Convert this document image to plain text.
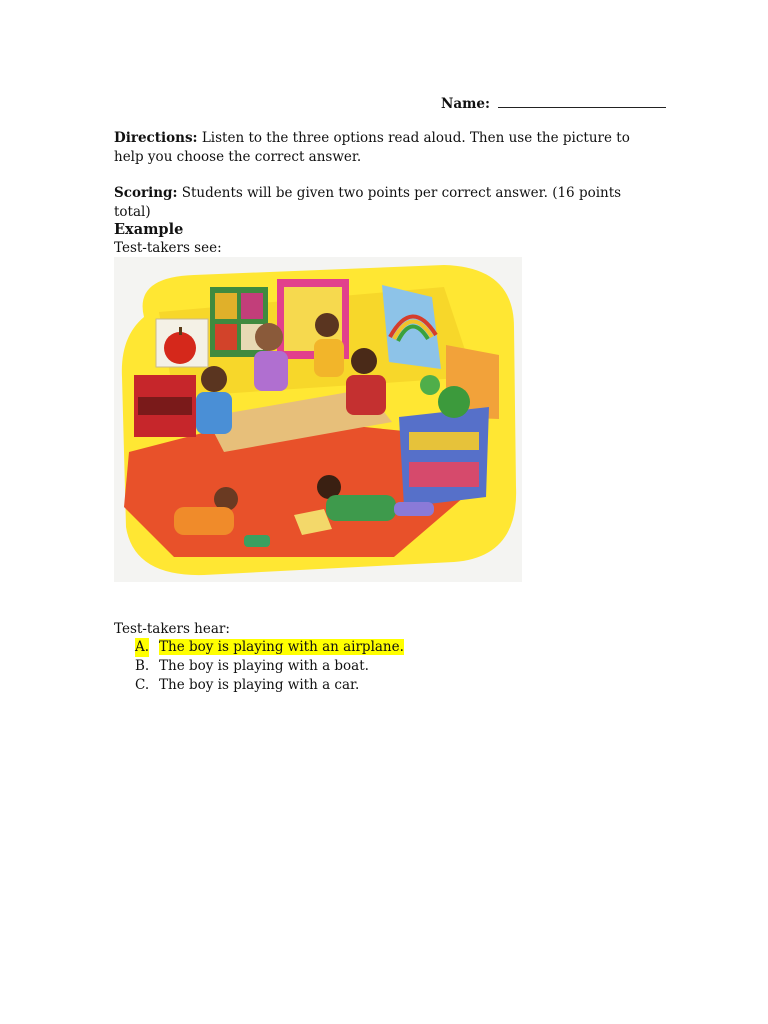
Name:
Directions: Listen to the three options read aloud. Then use the picture to help you choose the correct answer.
Scoring: Students will be given two points per correct answer. (16 points total)
Example
Test-takers see:
Test-takers hear:
A. The boy is playing with an airplane.
B. The boy is playing with a boat.
C. The boy is playing with a car.
